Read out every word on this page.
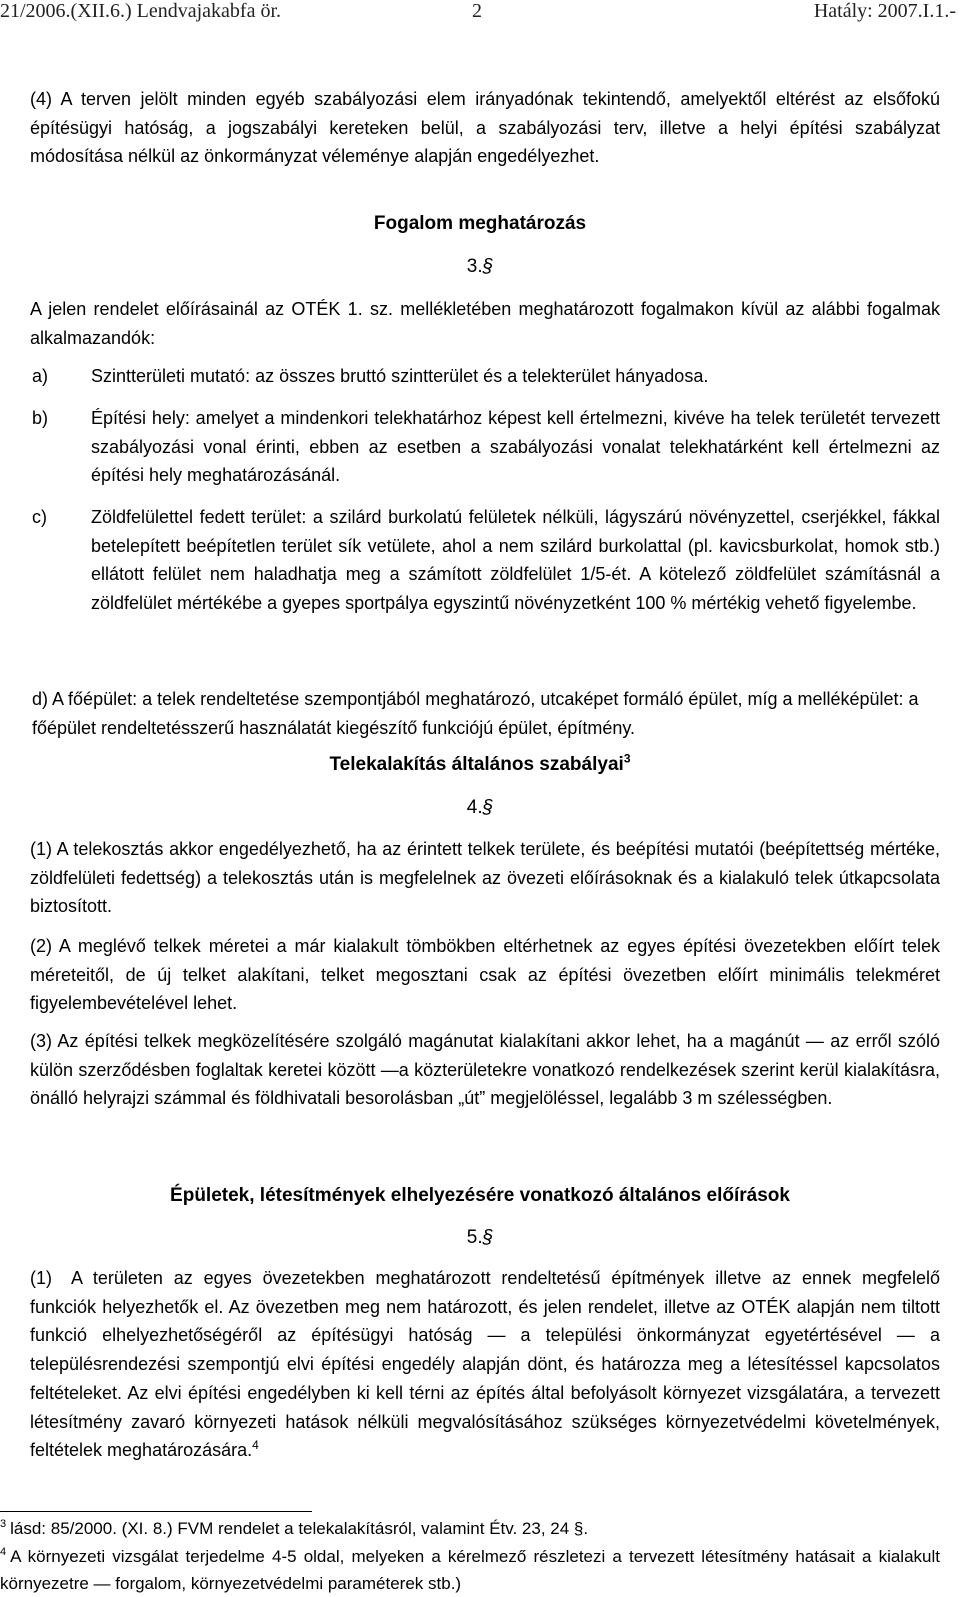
21/2006.(XII.6.) Lendvajakabfa ör.	2	Hatály: 2007.I.1.-

(4) A terven jelölt minden egyéb szabályozási elem irányadónak tekintendő, amelyektől eltérést az elsőfokú építésügyi hatóság, a jogszabályi kereteken belül, a szabályozási terv, illetve a helyi építési szabályzat módosítása nélkül az önkormányzat véleménye alapján engedélyezhet.

Fogalom meghatározás
3.§

A jelen rendelet előírásainál az OTÉK 1. sz. mellékletében meghatározott fogalmakon kívül az alábbi fogalmak alkalmazandók:

a) Szintterületi mutató: az összes bruttó szintterület és a telekterület hányadosa.
b) Építési hely: amelyet a mindenkori telekhatárhoz képest kell értelmezni, kivéve ha telek területét tervezett szabályozási vonal érinti, ebben az esetben a szabályozási vonalat telekhatárként kell értelmezni az építési hely meghatározásánál.
c) Zöldfelülettel fedett terület: a szilárd burkolatú felületek nélküli, lágyszárú növényzettel, cserjékkel, fákkal betelepített beépítetlen terület sík vetülete, ahol a nem szilárd burkolattal (pl. kavicsburkolat, homok stb.) ellátott felület nem haladhatja meg a számított zöldfelület 1/5-ét. A kötelező zöldfelület számításnál a zöldfelület mértékébe a gyepes sportpálya egyszintű növényzetként 100 % mértékig vehető figyelembe.
d) A főépület: a telek rendeltetése szempontjából meghatározó, utcaképet formáló épület, míg a melléképület: a főépület rendeltetésszerű használatát kiegészítő funkciójú épület, építmény.
Telekalakítás általános szabályai$^3$
4.§

(1) A telekosztás akkor engedélyezhető, ha az érintett telkek területe, és beépítési mutatói (beépítettség mértéke, zöldfelületi fedettség) a telekosztás után is megfelelnek az övezeti előírásoknak és a kialakuló telek útkapcsolata biztosított.

(2) A meglévő telkek méretei a már kialakult tömbökben eltérhetnek az egyes építési övezetekben előírt telek méreteitől, de új telket alakítani, telket megosztani csak az építési övezetben előírt minimális telekméret figyelembevételével lehet.

(3) Az építési telkek megközelítésére szolgáló magánutat kialakítani akkor lehet, ha a magánút — az erről szóló külön szerződésben foglaltak keretei között —a közterületekre vonatkozó rendelkezések szerint kerül kialakításra, önálló helyrajzi számmal és földhivatali besorolásban „út” megjelöléssel, legalább 3 m szélességben.

Épületek, létesítmények elhelyezésére vonatkozó általános előírások
5.§
(1)	A területen az egyes övezetekben meghatározott rendeltetésű építmények illetve az ennek megfelelő funkciók helyezhetők el. Az övezetben meg nem határozott, és jelen rendelet, illetve az OTÉK alapján nem tiltott funkció elhelyezhetőségéről az építésügyi hatóság — a települési önkormányzat egyetértésével — a településrendezési szempontjú elvi építési engedély alapján dönt, és határozza meg a létesítéssel kapcsolatos feltételeket. Az elvi építési engedélyben ki kell térni az építés által befolyásolt környezet vizsgálatára, a tervezett létesítmény zavaró környezeti hatások nélküli megvalósításához szükséges környezetvédelmi követelmények, feltételek meghatározására.$^4$

$^3$ lásd: 85/2000. (XI. 8.) FVM rendelet a telekalakításról, valamint Étv. 23, 24 §.

$^4$ A környezeti vizsgálat terjedelme 4-5 oldal, melyeken a kérelmező részletezi a tervezett létesítmény hatásait a kialakult környezetre — forgalom, környezetvédelmi paraméterek stb.)
